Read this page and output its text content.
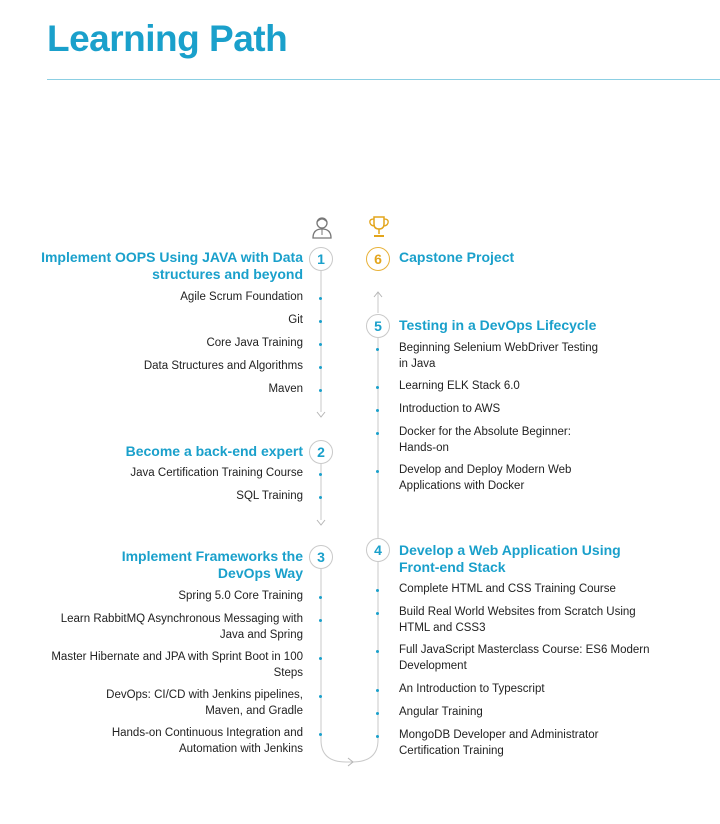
Learning Path
1
Implement OOPS Using JAVA with Data structures and beyond
Agile Scrum Foundation
Git
Core Java Training
Data Structures and Algorithms
Maven
2
Become a back-end expert
Java Certification Training Course
SQL Training
3
Implement Frameworks the DevOps Way
Spring 5.0 Core Training
Learn RabbitMQ Asynchronous Messaging with Java and Spring
Master Hibernate and JPA with Sprint Boot in 100 Steps
DevOps: CI/CD with Jenkins pipelines, Maven, and Gradle
Hands-on Continuous Integration and Automation with Jenkins
6	Capstone Project
5	Testing in a DevOps Lifecycle
Beginning Selenium WebDriver Testing in Java
Learning ELK Stack 6.0
Introduction to AWS
Docker for the Absolute Beginner: Hands-on
Develop and Deploy Modern Web Applications with Docker
4	Develop a Web Application Using Front-end Stack
Complete HTML and CSS Training Course
Build Real World Websites from Scratch Using HTML and CSS3
Full JavaScript Masterclass Course: ES6 Modern Development
An Introduction to Typescript
Angular Training
MongoDB Developer and Administrator Certification Training
